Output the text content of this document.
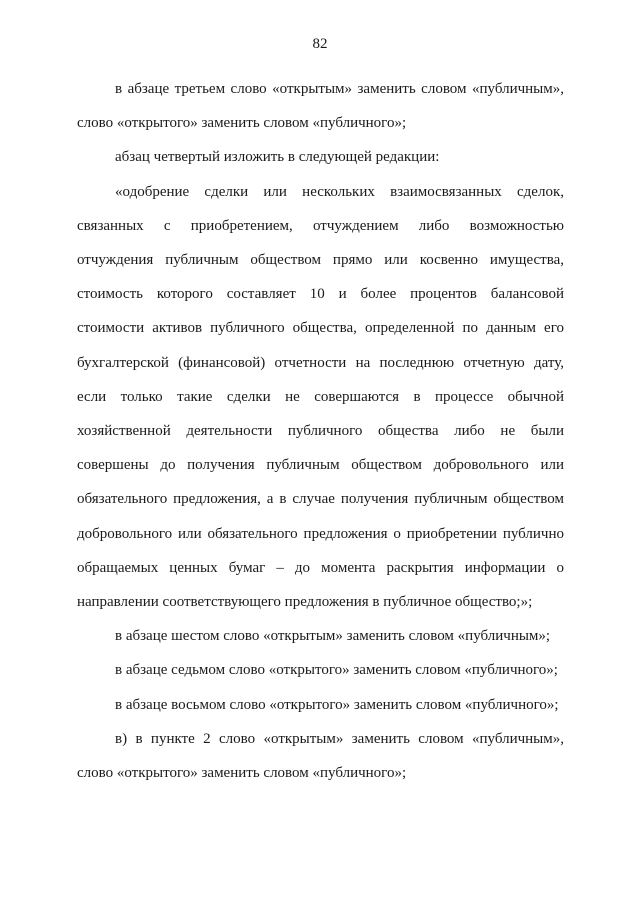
82
в абзаце третьем слово «открытым» заменить словом «публичным»,
слово «открытого» заменить словом «публичного»;
абзац четвертый изложить в следующей редакции:
«одобрение сделки или нескольких взаимосвязанных сделок,
связанных с приобретением, отчуждением либо возможностью
отчуждения публичным обществом прямо или косвенно имущества,
стоимость которого составляет 10 и более процентов балансовой
стоимости активов публичного общества, определенной по данным его
бухгалтерской (финансовой) отчетности на последнюю отчетную дату,
если только такие сделки не совершаются в процессе обычной
хозяйственной деятельности публичного общества либо не были
совершены до получения публичным обществом добровольного или
обязательного предложения, а в случае получения публичным обществом
добровольного или обязательного предложения о приобретении публично
обращаемых ценных бумаг – до момента раскрытия информации о
направлении соответствующего предложения в публичное общество;»;
в абзаце шестом слово «открытым» заменить словом «публичным»;
в абзаце седьмом слово «открытого» заменить словом «публичного»;
в абзаце восьмом слово «открытого» заменить словом «публичного»;
в) в пункте 2 слово «открытым» заменить словом «публичным»,
слово «открытого» заменить словом «публичного»;
